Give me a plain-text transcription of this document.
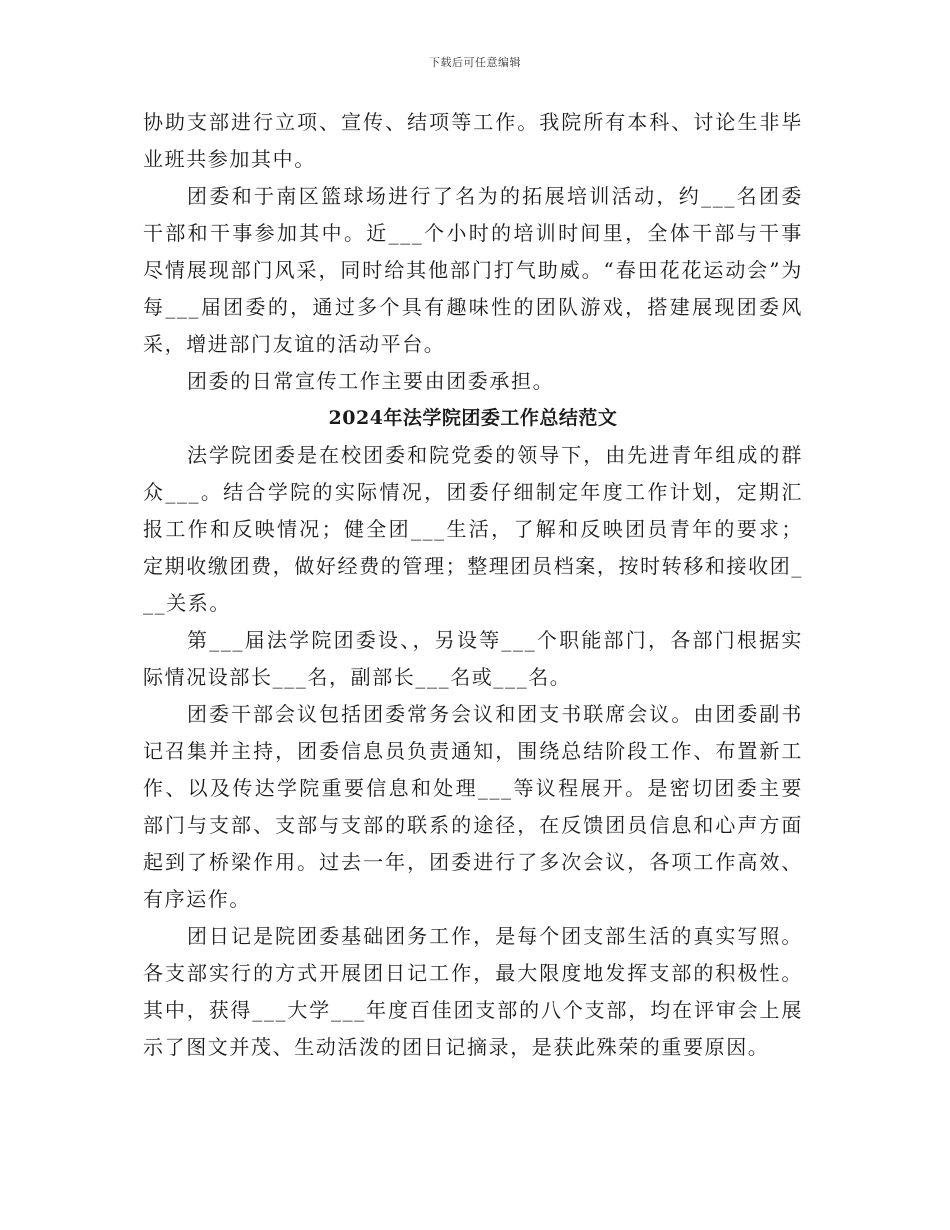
下载后可任意编辑

协助支部进行立项、宣传、结项等工作。我院所有本科、讨论生非毕业班共参加其中。

团委和于南区篮球场进行了名为的拓展培训活动，约___名团委干部和干事参加其中。近___个小时的培训时间里，全体干部与干事尽情展现部门风采，同时给其他部门打气助威。“春田花花运动会”为每___届团委的，通过多个具有趣味性的团队游戏，搭建展现团委风采，增进部门友谊的活动平台。

团委的日常宣传工作主要由团委承担。

2024年法学院团委工作总结范文

法学院团委是在校团委和院党委的领导下，由先进青年组成的群众___。结合学院的实际情况，团委仔细制定年度工作计划，定期汇报工作和反映情况；健全团___生活，了解和反映团员青年的要求；定期收缴团费，做好经费的管理；整理团员档案，按时转移和接收团___关系。

第___届法学院团委设、，另设等___个职能部门，各部门根据实际情况设部长___名，副部长___名或___名。

团委干部会议包括团委常务会议和团支书联席会议。由团委副书记召集并主持，团委信息员负责通知，围绕总结阶段工作、布置新工作、以及传达学院重要信息和处理___等议程展开。是密切团委主要部门与支部、支部与支部的联系的途径，在反馈团员信息和心声方面起到了桥梁作用。过去一年，团委进行了多次会议，各项工作高效、有序运作。

团日记是院团委基础团务工作，是每个团支部生活的真实写照。各支部实行的方式开展团日记工作，最大限度地发挥支部的积极性。其中，获得___大学___年度百佳团支部的八个支部，均在评审会上展示了图文并茂、生动活泼的团日记摘录，是获此殊荣的重要原因。
